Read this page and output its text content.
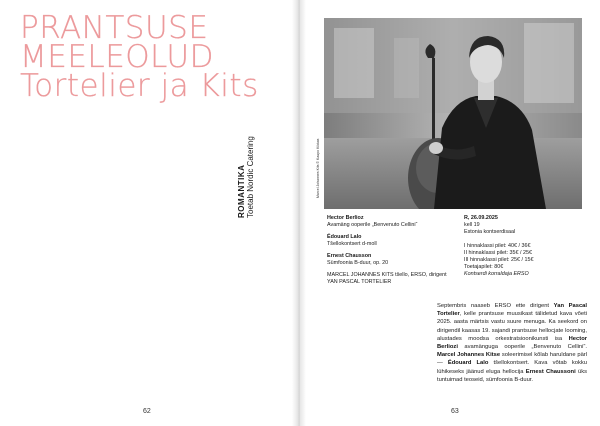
PRANTSUSE
MEELEOLUD
Tortelier ja Kits
ROMANTIKA Toetab Nordic Catering
62
Marcel Johannes Kits © Kaupo Kikkas
Hector Berlioz
Avamäng ooperile „Benvenuto Cellini“
Édouard Lalo
Tšellokontsert d-moll
Ernest Chausson
Sümfoonia B-duur, op. 20
MARCEL JOHANNES KITS tšello, ERSO, dirigent YAN PASCAL TORTELIER
R, 26.09.2025
kell 19
Estonia kontserdisaal
I hinnaklassi pilet: 40€ / 36€
II hinnaklassi pilet: 35€ / 25€
III hinnaklassi pilet: 25€ / 15€
Toetajapilet: 80€
Kontserdi korraldaja ERSO
Septembris naaseb ERSO ette dirigent Yan Pascal Tortelier, kelle prantsuse muusikast tälidetud kava võeti 2025. aasta märtsis vastu suure menuga. Ka seekord on dirigendil kaasas 19. sajandi prantsuse hellocjate looming, alustades moodsa orkestratsioonikunsti isa Hector Berliozi avamänguga ooperile „Benvenuto Cellini“. Marcel Johannes Kitse soleerimisel kõlab haruldane pärl — Édouard Lalo tšellokontsert. Kava võtab kokku lühikeseks jäänud eluga hellocija Ernest Chaussoni üks tuntuimad teoseid, sümfoonia B-duur.
63
